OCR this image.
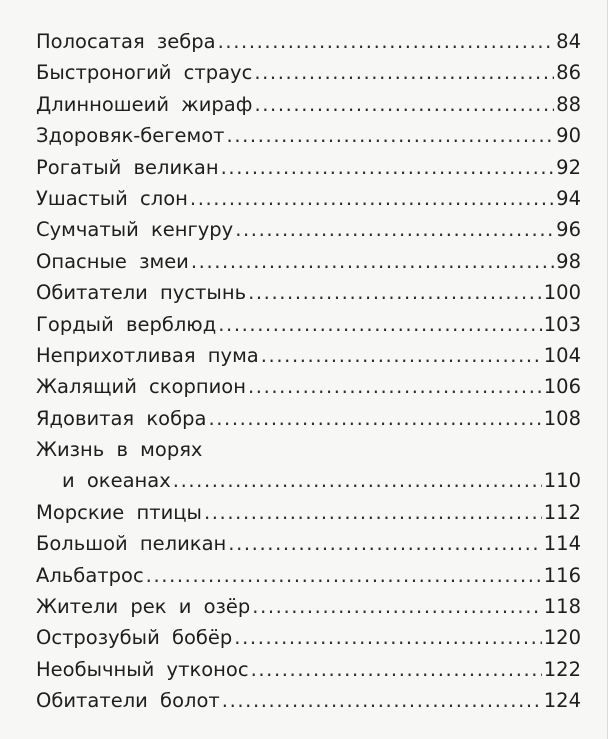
Полосатая зебра .....	84
Быстроногий страус .....	86
Длинношеий жираф .....	88
Здоровяк-бегемот .....	90
Рогатый великан .....	92
Ушастый слон .....	94
Сумчатый кенгуру .....	96
Опасные змеи .....	98
Обитатели пустынь .....	100
Гордый верблюд .....	103
Неприхотливая пума .....	104
Жалящий скорпион .....	106
Ядовитая кобра .....	108
Жизнь в морях
и океанах .....	110
Морские птицы .....	112
Большой пеликан .....	114
Альбатрос .....	116
Жители рек и озёр .....	118
Острозубый бобёр .....	120
Необычный утконос .....	122
Обитатели болот .....	124
